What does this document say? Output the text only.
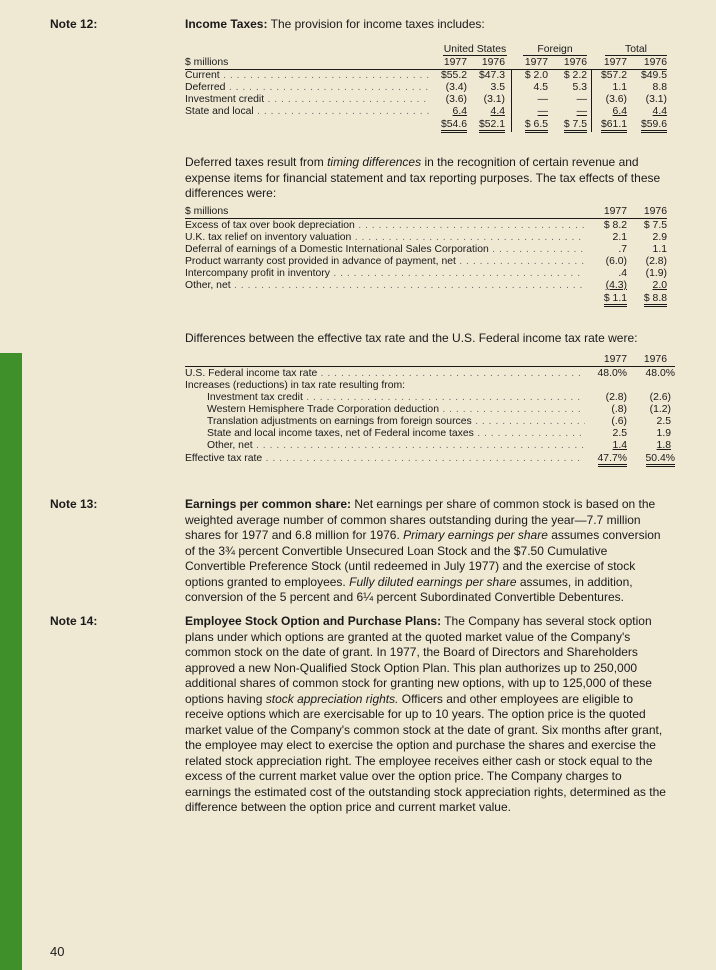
Note 12:	Income Taxes: The provision for income taxes includes:

United States	Foreign	Total
$ millions	1977	1976	1977	1976	1977	1976
Current . . .	$55.2	$47.3	$ 2.0	$ 2.2	$57.2	$49.5
Deferred . . .	(3.4)	3.5	4.5	5.3	1.1	8.8
Investment credit . . .	(3.6)	(3.1)	—	—	(3.6)	(3.1)
State and local . . .	6.4	4.4	—	—	6.4	4.4
$54.6	$52.1	$ 6.5	$ 7.5	$61.1	$59.6

Deferred taxes result from timing differences in the recognition of certain revenue and expense items for financial statement and tax reporting purposes. The tax effects of these differences were:

$ millions	1977	1976
Excess of tax over book depreciation . . .	$ 8.2	$ 7.5
U.K. tax relief on inventory valuation . . .	2.1	2.9
Deferral of earnings of a Domestic International Sales Corporation . . .	.7	1.1
Product warranty cost provided in advance of payment, net . . .	(6.0)	(2.8)
Intercompany profit in inventory . . .	.4	(1.9)
Other, net . . .	(4.3)	2.0
$ 1.1	$ 8.8

Differences between the effective tax rate and the U.S. Federal income tax rate were:

1977	1976
U.S. Federal income tax rate . . .	48.0%	48.0%
Increases (reductions) in tax rate resulting from:
Investment tax credit . . .	(2.8)	(2.6)
Western Hemisphere Trade Corporation deduction . . .	(.8)	(1.2)
Translation adjustments on earnings from foreign sources . . .	(.6)	2.5
State and local income taxes, net of Federal income taxes . . .	2.5	1.9
Other, net . . .	1.4	1.8
Effective tax rate . . .	47.7%	50.4%
Note 13:	Earnings per common share: Net earnings per share of common stock is based on the weighted average number of common shares outstanding during the year—7.7 million shares for 1977 and 6.8 million for 1976. Primary earnings per share assumes conversion of the 3¾ percent Convertible Unsecured Loan Stock and the $7.50 Cumulative Convertible Preference Stock (until redeemed in July 1977) and the exercise of stock options granted to employees. Fully diluted earnings per share assumes, in addition, conversion of the 5 percent and 6¼ percent Subordinated Convertible Debentures.

Note 14:	Employee Stock Option and Purchase Plans: The Company has several stock option plans under which options are granted at the quoted market value of the Company's common stock on the date of grant. In 1977, the Board of Directors and Shareholders approved a new Non-Qualified Stock Option Plan. This plan authorizes up to 250,000 additional shares of common stock for granting new options, with up to 125,000 of these options having stock appreciation rights. Officers and other employees are eligible to receive options which are exercisable for up to 10 years. The option price is the quoted market value of the Company's common stock at the date of grant. Six months after grant, the employee may elect to exercise the option and purchase the shares and exercise the related stock appreciation right. The employee receives either cash or stock equal to the excess of the current market value over the option price. The Company charges to earnings the estimated cost of the outstanding stock appreciation rights, determined as the difference between the option price and current market value.

40
